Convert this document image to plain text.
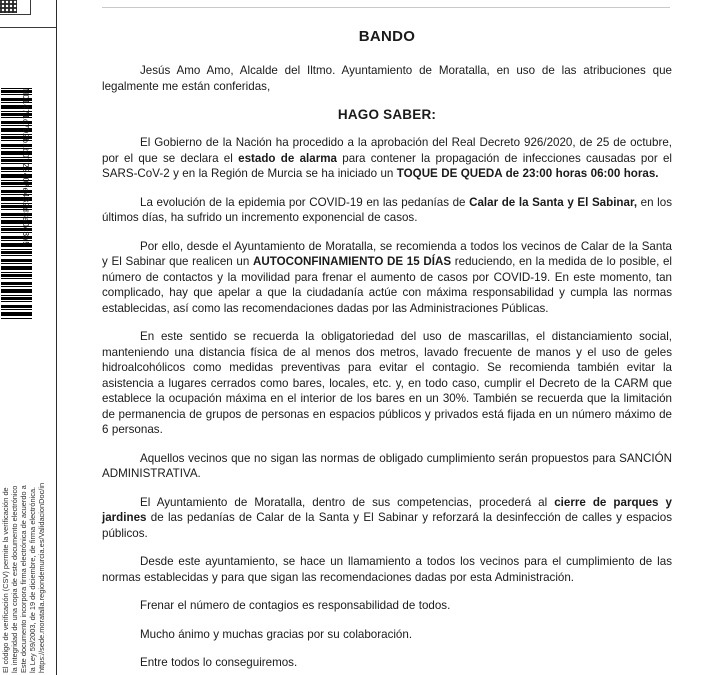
N01471c792b1b0722407e432d3a0c3a5
El código de verificación (CSV) permite la verificación de la integridad de una copia de este documento electrónico Este documento incorpora firma electrónica de acuerdo a la Ley 59/2003, de 19 de diciembre, de firma electrónica. https://sede.moratalla.regiondemurcia.es/ValidacionDoc/in
BANDO

Jesús Amo Amo, Alcalde del Iltmo. Ayuntamiento de Moratalla, en uso de las atribuciones que legalmente me están conferidas,

HAGO SABER:

El Gobierno de la Nación ha procedido a la aprobación del Real Decreto 926/2020, de 25 de octubre, por el que se declara el estado de alarma para contener la propagación de infecciones causadas por el SARS-CoV-2 y en la Región de Murcia se ha iniciado un TOQUE DE QUEDA de 23:00 horas 06:00 horas.

La evolución de la epidemia por COVID-19 en las pedanías de Calar de la Santa y El Sabinar, en los últimos días, ha sufrido un incremento exponencial de casos.

Por ello, desde el Ayuntamiento de Moratalla, se recomienda a todos los vecinos de Calar de la Santa y El Sabinar que realicen un AUTOCONFINAMIENTO DE 15 DÍAS reduciendo, en la medida de lo posible, el número de contactos y la movilidad para frenar el aumento de casos por COVID-19. En este momento, tan complicado, hay que apelar a que la ciudadanía actúe con máxima responsabilidad y cumpla las normas establecidas, así como las recomendaciones dadas por las Administraciones Públicas.

En este sentido se recuerda la obligatoriedad del uso de mascarillas, el distanciamiento social, manteniendo una distancia física de al menos dos metros, lavado frecuente de manos y el uso de geles hidroalcohólicos como medidas preventivas para evitar el contagio. Se recomienda también evitar la asistencia a lugares cerrados como bares, locales, etc. y, en todo caso, cumplir el Decreto de la CARM que establece la ocupación máxima en el interior de los bares en un 30%. También se recuerda que la limitación de permanencia de grupos de personas en espacios públicos y privados está fijada en un número máximo de 6 personas.

Aquellos vecinos que no sigan las normas de obligado cumplimiento serán propuestos para SANCIÓN ADMINISTRATIVA.

El Ayuntamiento de Moratalla, dentro de sus competencias, procederá al cierre de parques y jardines de las pedanías de Calar de la Santa y El Sabinar y reforzará la desinfección de calles y espacios públicos.

Desde este ayuntamiento, se hace un llamamiento a todos los vecinos para el cumplimiento de las normas establecidas y para que sigan las recomendaciones dadas por esta Administración.

Frenar el número de contagios es responsabilidad de todos.

Mucho ánimo y muchas gracias por su colaboración.

Entre todos lo conseguiremos.
